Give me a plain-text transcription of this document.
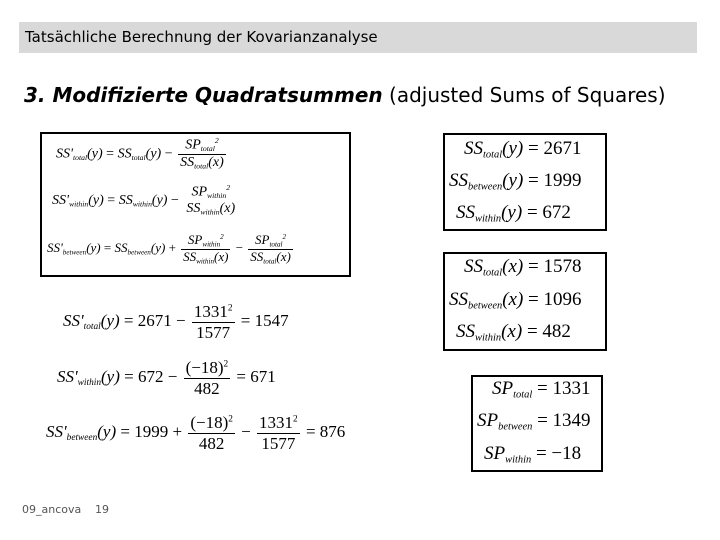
Tatsächliche Berechnung der Kovarianzanalyse
3. Modifizierte Quadratsummen (adjusted Sums of Squares)
$SS'_{total}(y) = SS_{total}(y) - \frac{SP_{total}^2}{SS_{total}(x)}$
$SS'_{within}(y) = SS_{within}(y)$ −
$SP_{within}^2$
$SS_{within}(x)$
$SS'_{between}(y) = SS_{between}(y) + \frac{SP_{within}^2}{SS_{within}(x)} - \frac{SP_{total}^2}{SS_{total}(x)}$
$SS'_{total}(y) = 2671 - \frac{1331^2}{1577} = 1547$
$SS'_{within}(y) = 672 - \frac{(-18)^2}{482} = 671$
$SS'_{between}(y) = 1999 + \frac{(-18)^2}{482} - \frac{1331^2}{1577} = 876$
$SS_{total}(y) = 2671$
$SS_{between}(y) = 1999$
$SS_{within}(y) = 672$
$SS_{total}(x) = 1578$
$SS_{between}(x) = 1096$
$SS_{within}(x) = 482$
$SP_{total} = 1331$
$SP_{between} = 1349$
$SP_{within} = -18$
09_ancova 19
